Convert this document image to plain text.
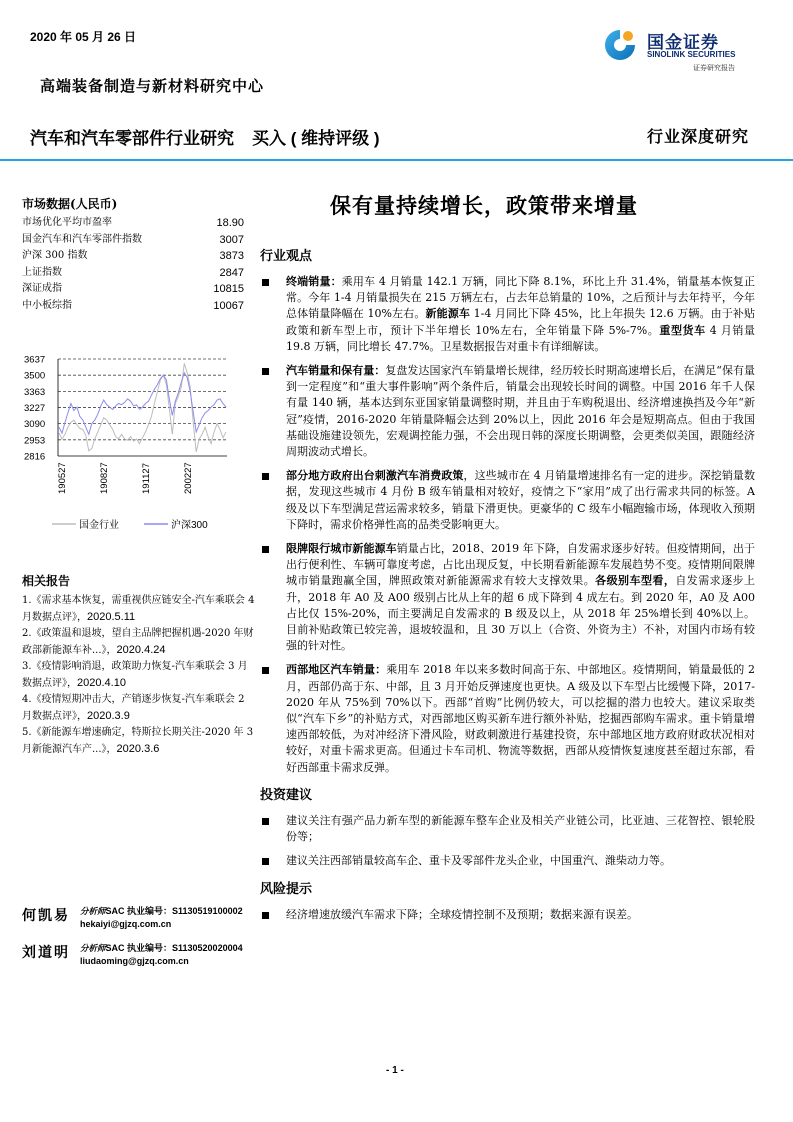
2020 年 05 月 26 日
高端装备制造与新材料研究中心
汽车和汽车零部件行业研究 买入 ( 维持评级 )	行业深度研究
国金证券
SINOLINK SECURITIES
证券研究报告
市场数据(人民币)
市场优化平均市盈率	18.90
国金汽车和汽车零部件指数	3007
沪深 300 指数	3873
上证指数	2847
深证成指	10815
中小板综指	10067
3637
3500
3363
3227
3090
2953
2816
190527	190827	191127	200227
国金行业	沪深300
相关报告
1.《需求基本恢复，需重视供应链安全-汽车乘联会 4 月数据点评》，2020.5.11
2.《政策温和退坡，望自主品牌把握机遇-2020 年财政部新能源车补...》，2020.4.24
3.《疫情影响消退，政策助力恢复-汽车乘联会 3 月数据点评》，2020.4.10
4.《疫情短期冲击大，产销逐步恢复-汽车乘联会 2 月数据点评》，2020.3.9
5.《新能源车增速确定，特斯拉长期关注-2020 年 3 月新能源汽车产...》，2020.3.6
何凯易	分析师SAC 执业编号：S1130519100002
hekaiyi@gjzq.com.cn
刘道明	分析师SAC 执业编号：S1130520020004
liudaoming@gjzq.com.cn
保有量持续增长，政策带来增量
行业观点
终端销量：乘用车 4 月销量 142.1 万辆，同比下降 8.1%，环比上升 31.4%，销量基本恢复正常。今年 1-4 月销量损失在 215 万辆左右，占去年总销量的 10%，之后预计与去年持平，今年总体销量降幅在 10%左右。新能源车 1-4 月同比下降 45%，比上年损失 12.6 万辆。由于补贴政策和新车型上市，预计下半年增长 10%左右，全年销量下降 5%-7%。重型货车 4 月销量 19.8 万辆，同比增长 47.7%。卫星数据报告对重卡有详细解读。
汽车销量和保有量：复盘发达国家汽车销量增长规律，经历较长时期高速增长后，在满足“保有量到一定程度”和“重大事件影响”两个条件后，销量会出现较长时间的调整。中国 2016 年千人保有量 140 辆，基本达到东亚国家销量调整时期，并且由于车购税退出、经济增速换挡及今年“新冠”疫情，2016-2020 年销量降幅会达到 20%以上，因此 2016 年会是短期高点。但由于我国基础设施建设领先，宏观调控能力强，不会出现日韩的深度长期调整，会更类似美国，跟随经济周期波动式增长。
部分地方政府出台刺激汽车消费政策，这些城市在 4 月销量增速排名有一定的进步。深挖销量数据，发现这些城市 4 月份 B 级车销量相对较好，疫情之下“家用”成了出行需求共同的标签。A 级及以下车型满足营运需求较多，销量下滑更快。更豪华的 C 级车小幅跑输市场，体现收入预期下降时，需求价格弹性高的品类受影响更大。
限牌限行城市新能源车销量占比，2018、2019 年下降，自发需求逐步好转。但疫情期间，出于出行便利性、车辆可靠度考虑，占比出现反复，中长期看新能源车发展趋势不变。疫情期间限牌城市销量跑赢全国，牌照政策对新能源需求有较大支撑效果。各级别车型看，自发需求逐步上升，2018 年 A0 及 A00 级别占比从上年的超 6 成下降到 4 成左右。到 2020 年，A0 及 A00 占比仅 15%-20%，而主要满足自发需求的 B 级及以上，从 2018 年 25%增长到 40%以上。目前补贴政策已较完善，退坡较温和，且 30 万以上（合资、外资为主）不补，对国内市场有较强的针对性。
西部地区汽车销量：乘用车 2018 年以来多数时间高于东、中部地区。疫情期间，销量最低的 2 月，西部仍高于东、中部，且 3 月开始反弹速度也更快。A 级及以下车型占比缓慢下降，2017-2020 年从 75%到 70%以下。西部“首购”比例仍较大，可以挖掘的潜力也较大。建议采取类似“汽车下乡”的补贴方式，对西部地区购买新车进行额外补贴，挖掘西部购车需求。重卡销量增速西部较低，为对冲经济下滑风险，财政刺激进行基建投资，东中部地区地方政府财政状况相对较好，对重卡需求更高。但通过卡车司机、物流等数据，西部从疫情恢复速度甚至超过东部，看好西部重卡需求反弹。
投资建议
建议关注有强产品力新车型的新能源车整车企业及相关产业链公司，比亚迪、三花智控、银轮股份等；
建议关注西部销量较高车企、重卡及零部件龙头企业，中国重汽、潍柴动力等。
风险提示
经济增速放缓汽车需求下降；全球疫情控制不及预期；数据来源有误差。
- 1 -
